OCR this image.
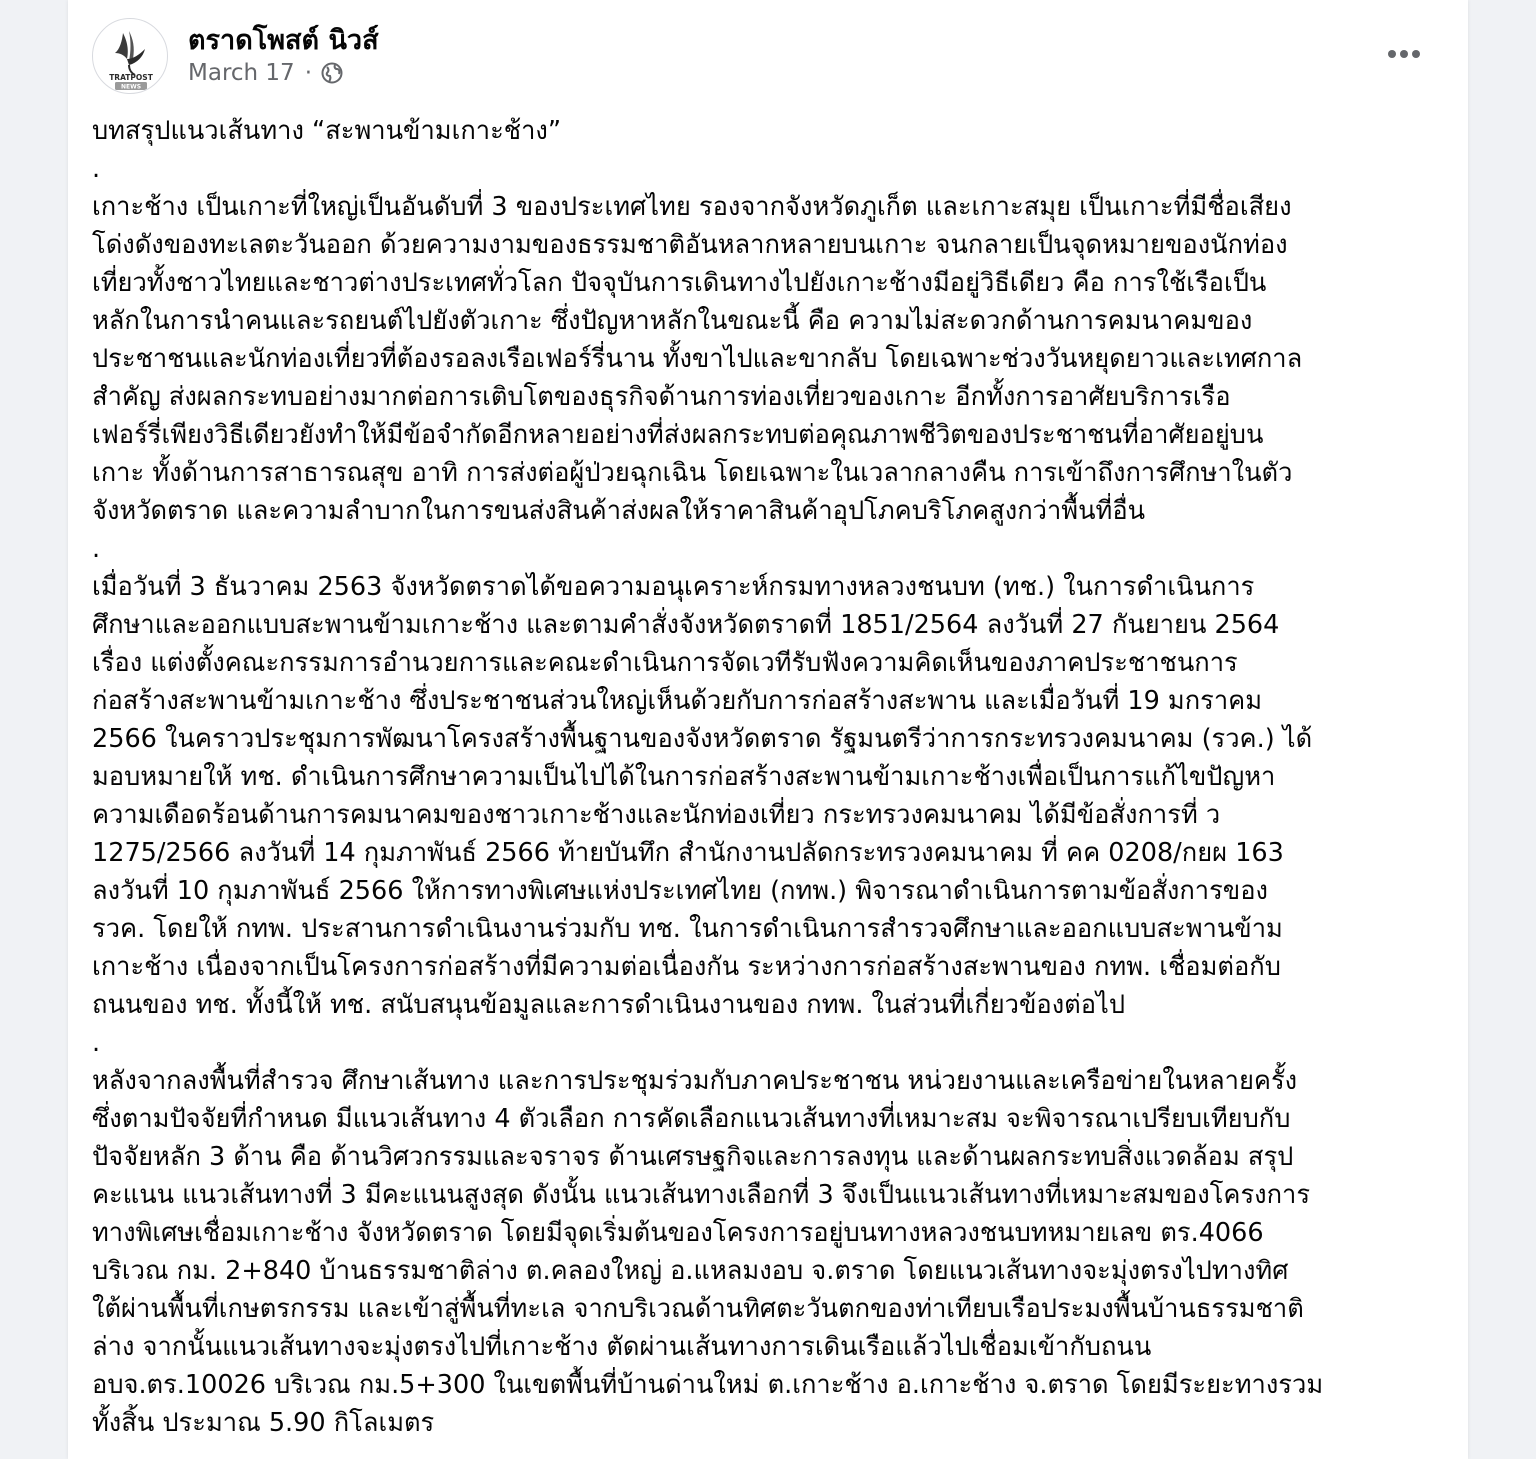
TRATPOST
NEWS
ตราดโพสต์ นิวส์
March 17 ·

บทสรุปแนวเส้นทาง “สะพานข้ามเกาะช้าง”

.

เกาะช้าง เป็นเกาะที่ใหญ่เป็นอันดับที่ 3 ของประเทศไทย รองจากจังหวัดภูเก็ต และเกาะสมุย เป็นเกาะที่มีชื่อเสียง
โด่งดังของทะเลตะวันออก ด้วยความงามของธรรมชาติอันหลากหลายบนเกาะ จนกลายเป็นจุดหมายของนักท่อง
เที่ยวทั้งชาวไทยและชาวต่างประเทศทั่วโลก ปัจจุบันการเดินทางไปยังเกาะช้างมีอยู่วิธีเดียว คือ การใช้เรือเป็น
หลักในการนำคนและรถยนต์ไปยังตัวเกาะ ซึ่งปัญหาหลักในขณะนี้ คือ ความไม่สะดวกด้านการคมนาคมของ
ประชาชนและนักท่องเที่ยวที่ต้องรอลงเรือเฟอร์รี่นาน ทั้งขาไปและขากลับ โดยเฉพาะช่วงวันหยุดยาวและเทศกาล
สำคัญ ส่งผลกระทบอย่างมากต่อการเติบโตของธุรกิจด้านการท่องเที่ยวของเกาะ อีกทั้งการอาศัยบริการเรือ
เฟอร์รี่เพียงวิธีเดียวยังทำให้มีข้อจำกัดอีกหลายอย่างที่ส่งผลกระทบต่อคุณภาพชีวิตของประชาชนที่อาศัยอยู่บน
เกาะ ทั้งด้านการสาธารณสุข อาทิ การส่งต่อผู้ป่วยฉุกเฉิน โดยเฉพาะในเวลากลางคืน การเข้าถึงการศึกษาในตัว
จังหวัดตราด และความลำบากในการขนส่งสินค้าส่งผลให้ราคาสินค้าอุปโภคบริโภคสูงกว่าพื้นที่อื่น

.

เมื่อวันที่ 3 ธันวาคม 2563 จังหวัดตราดได้ขอความอนุเคราะห์กรมทางหลวงชนบท (ทช.) ในการดำเนินการ
ศึกษาและออกแบบสะพานข้ามเกาะช้าง และตามคำสั่งจังหวัดตราดที่ 1851/2564 ลงวันที่ 27 กันยายน 2564
เรื่อง แต่งตั้งคณะกรรมการอำนวยการและคณะดำเนินการจัดเวทีรับฟังความคิดเห็นของภาคประชาชนการ
ก่อสร้างสะพานข้ามเกาะช้าง ซึ่งประชาชนส่วนใหญ่เห็นด้วยกับการก่อสร้างสะพาน และเมื่อวันที่ 19 มกราคม
2566 ในคราวประชุมการพัฒนาโครงสร้างพื้นฐานของจังหวัดตราด รัฐมนตรีว่าการกระทรวงคมนาคม (รวค.) ได้
มอบหมายให้ ทช. ดำเนินการศึกษาความเป็นไปได้ในการก่อสร้างสะพานข้ามเกาะช้างเพื่อเป็นการแก้ไขปัญหา
ความเดือดร้อนด้านการคมนาคมของชาวเกาะช้างและนักท่องเที่ยว กระทรวงคมนาคม ได้มีข้อสั่งการที่ ว
1275/2566 ลงวันที่ 14 กุมภาพันธ์ 2566 ท้ายบันทึก สำนักงานปลัดกระทรวงคมนาคม ที่ คค 0208/กยผ 163
ลงวันที่ 10 กุมภาพันธ์ 2566 ให้การทางพิเศษแห่งประเทศไทย (กทพ.) พิจารณาดำเนินการตามข้อสั่งการของ
รวค. โดยให้ กทพ. ประสานการดำเนินงานร่วมกับ ทช. ในการดำเนินการสำรวจศึกษาและออกแบบสะพานข้าม
เกาะช้าง เนื่องจากเป็นโครงการก่อสร้างที่มีความต่อเนื่องกัน ระหว่างการก่อสร้างสะพานของ กทพ. เชื่อมต่อกับ
ถนนของ ทช. ทั้งนี้ให้ ทช. สนับสนุนข้อมูลและการดำเนินงานของ กทพ. ในส่วนที่เกี่ยวข้องต่อไป

.

หลังจากลงพื้นที่สำรวจ ศึกษาเส้นทาง และการประชุมร่วมกับภาคประชาชน หน่วยงานและเครือข่ายในหลายครั้ง
ซึ่งตามปัจจัยที่กำหนด มีแนวเส้นทาง 4 ตัวเลือก การคัดเลือกแนวเส้นทางที่เหมาะสม จะพิจารณาเปรียบเทียบกับ
ปัจจัยหลัก 3 ด้าน คือ ด้านวิศวกรรมและจราจร ด้านเศรษฐกิจและการลงทุน และด้านผลกระทบสิ่งแวดล้อม สรุป
คะแนน แนวเส้นทางที่ 3 มีคะแนนสูงสุด ดังนั้น แนวเส้นทางเลือกที่ 3 จึงเป็นแนวเส้นทางที่เหมาะสมของโครงการ
ทางพิเศษเชื่อมเกาะช้าง จังหวัดตราด โดยมีจุดเริ่มต้นของโครงการอยู่บนทางหลวงชนบทหมายเลข ตร.4066
บริเวณ กม. 2+840 บ้านธรรมชาติล่าง ต.คลองใหญ่ อ.แหลมงอบ จ.ตราด โดยแนวเส้นทางจะมุ่งตรงไปทางทิศ
ใต้ผ่านพื้นที่เกษตรกรรม และเข้าสู่พื้นที่ทะเล จากบริเวณด้านทิศตะวันตกของท่าเทียบเรือประมงพื้นบ้านธรรมชาติ
ล่าง จากนั้นแนวเส้นทางจะมุ่งตรงไปที่เกาะช้าง ตัดผ่านเส้นทางการเดินเรือแล้วไปเชื่อมเข้ากับถนน
อบจ.ตร.10026 บริเวณ กม.5+300 ในเขตพื้นที่บ้านด่านใหม่ ต.เกาะช้าง อ.เกาะช้าง จ.ตราด โดยมีระยะทางรวม
ทั้งสิ้น ประมาณ 5.90 กิโลเมตร
